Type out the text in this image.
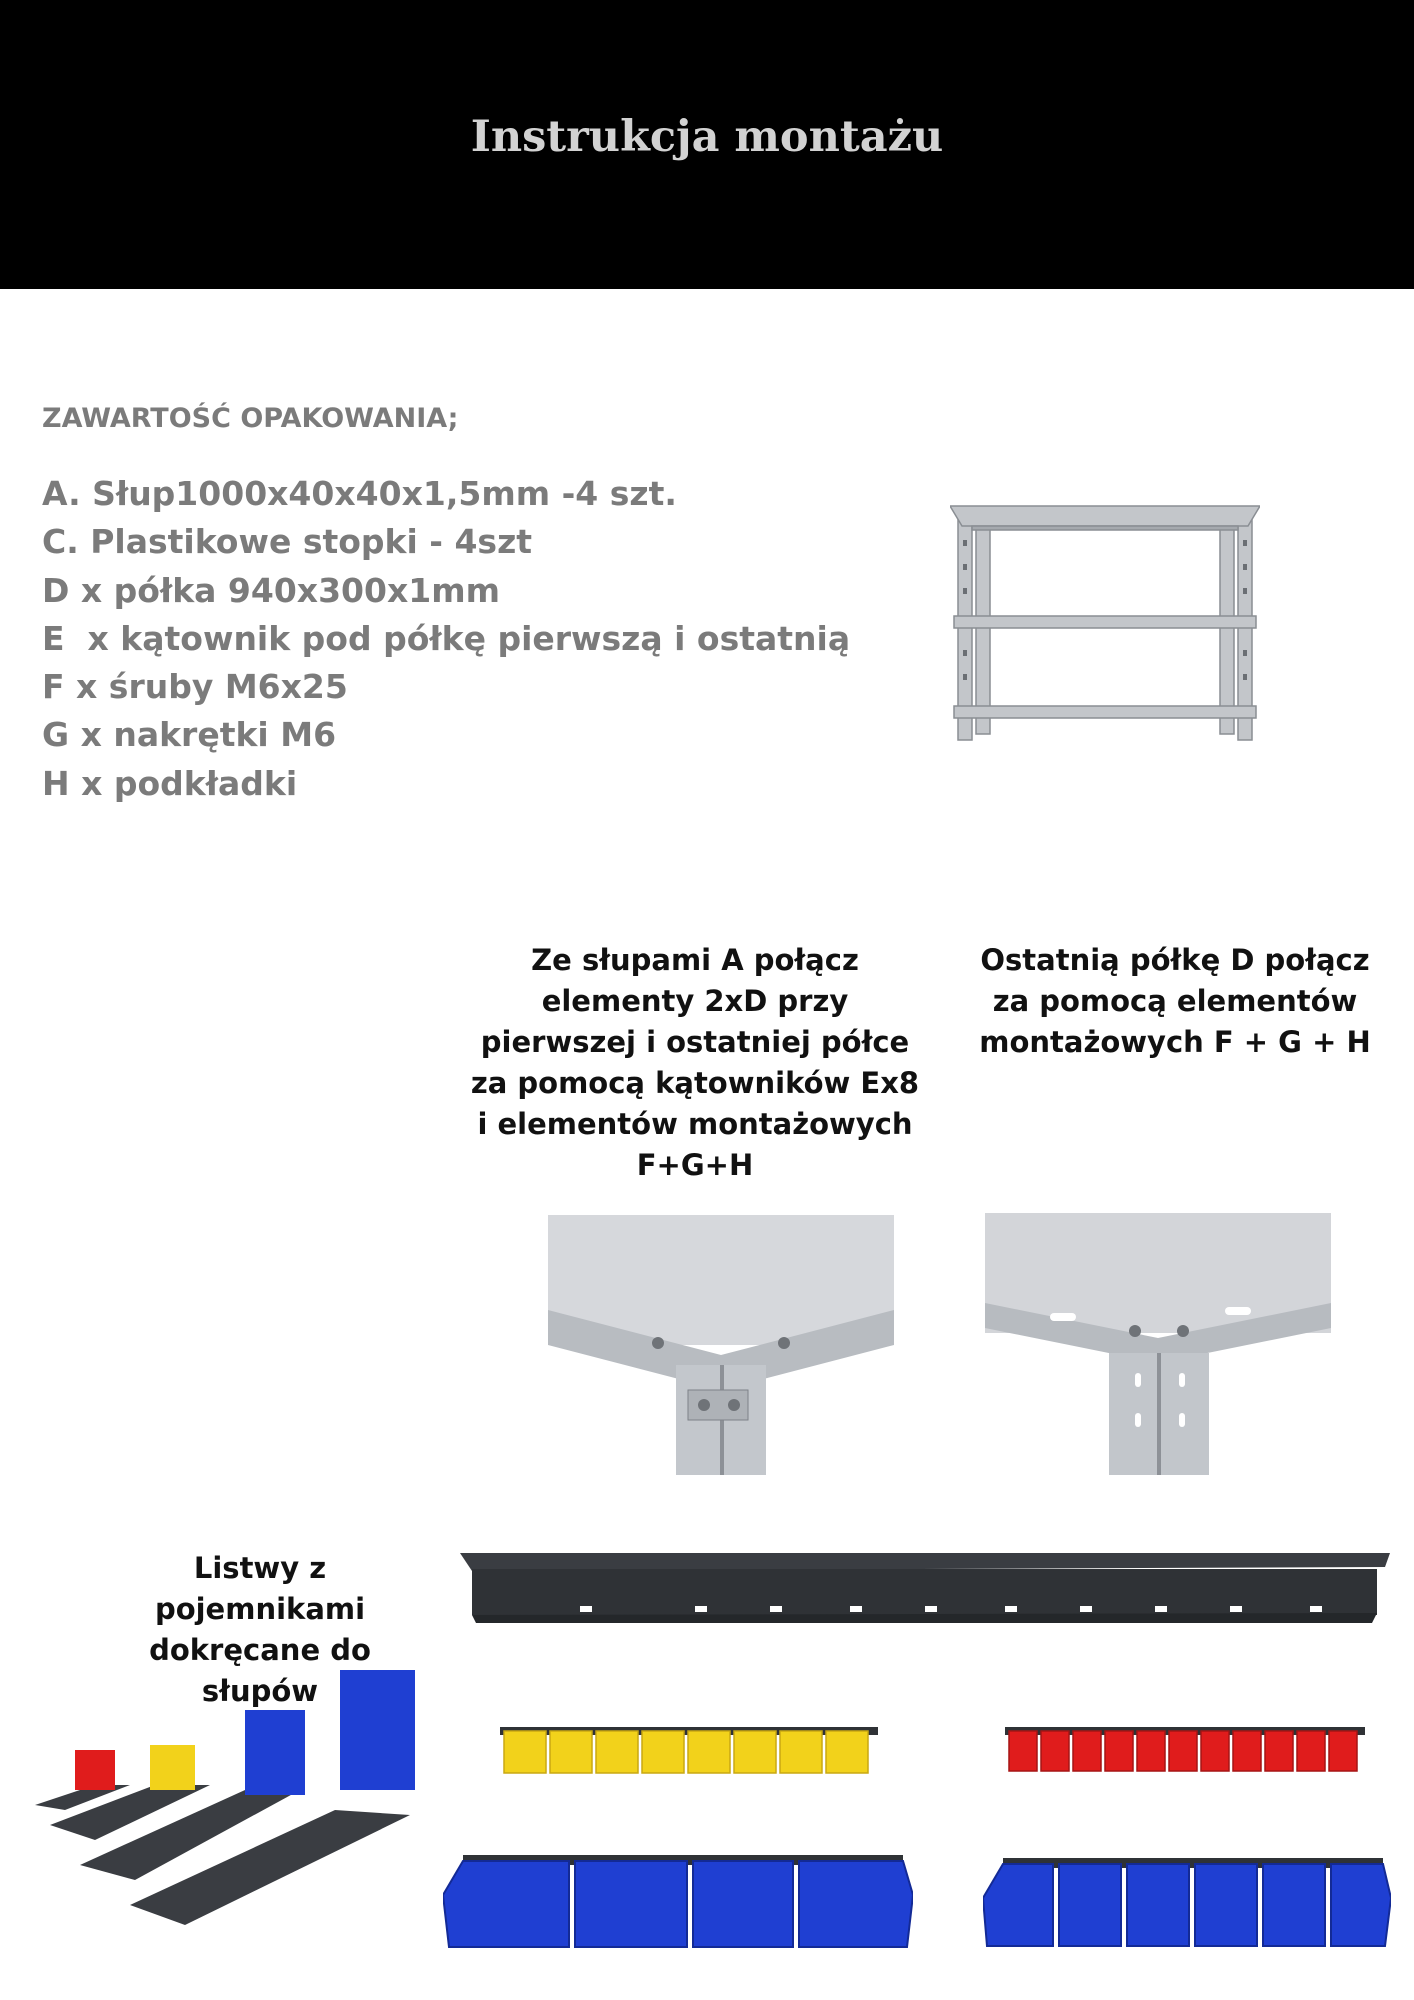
Instrukcja montażu
ZAWARTOŚĆ OPAKOWANIA;
A. Słup1000x40x40x1,5mm -4 szt.
C. Plastikowe stopki - 4szt
D x półka 940x300x1mm
E  x kątownik pod półkę pierwszą i ostatnią
F x śruby M6x25
G x nakrętki M6
H x podkładki
Ze słupami A połącz elementy 2xD przy pierwszej i ostatniej półce za pomocą kątowników Ex8 i elementów montażowych F+G+H
Ostatnią półkę D połącz za pomocą elementów montażowych F + G + H
Listwy z pojemnikami dokręcane do słupów
